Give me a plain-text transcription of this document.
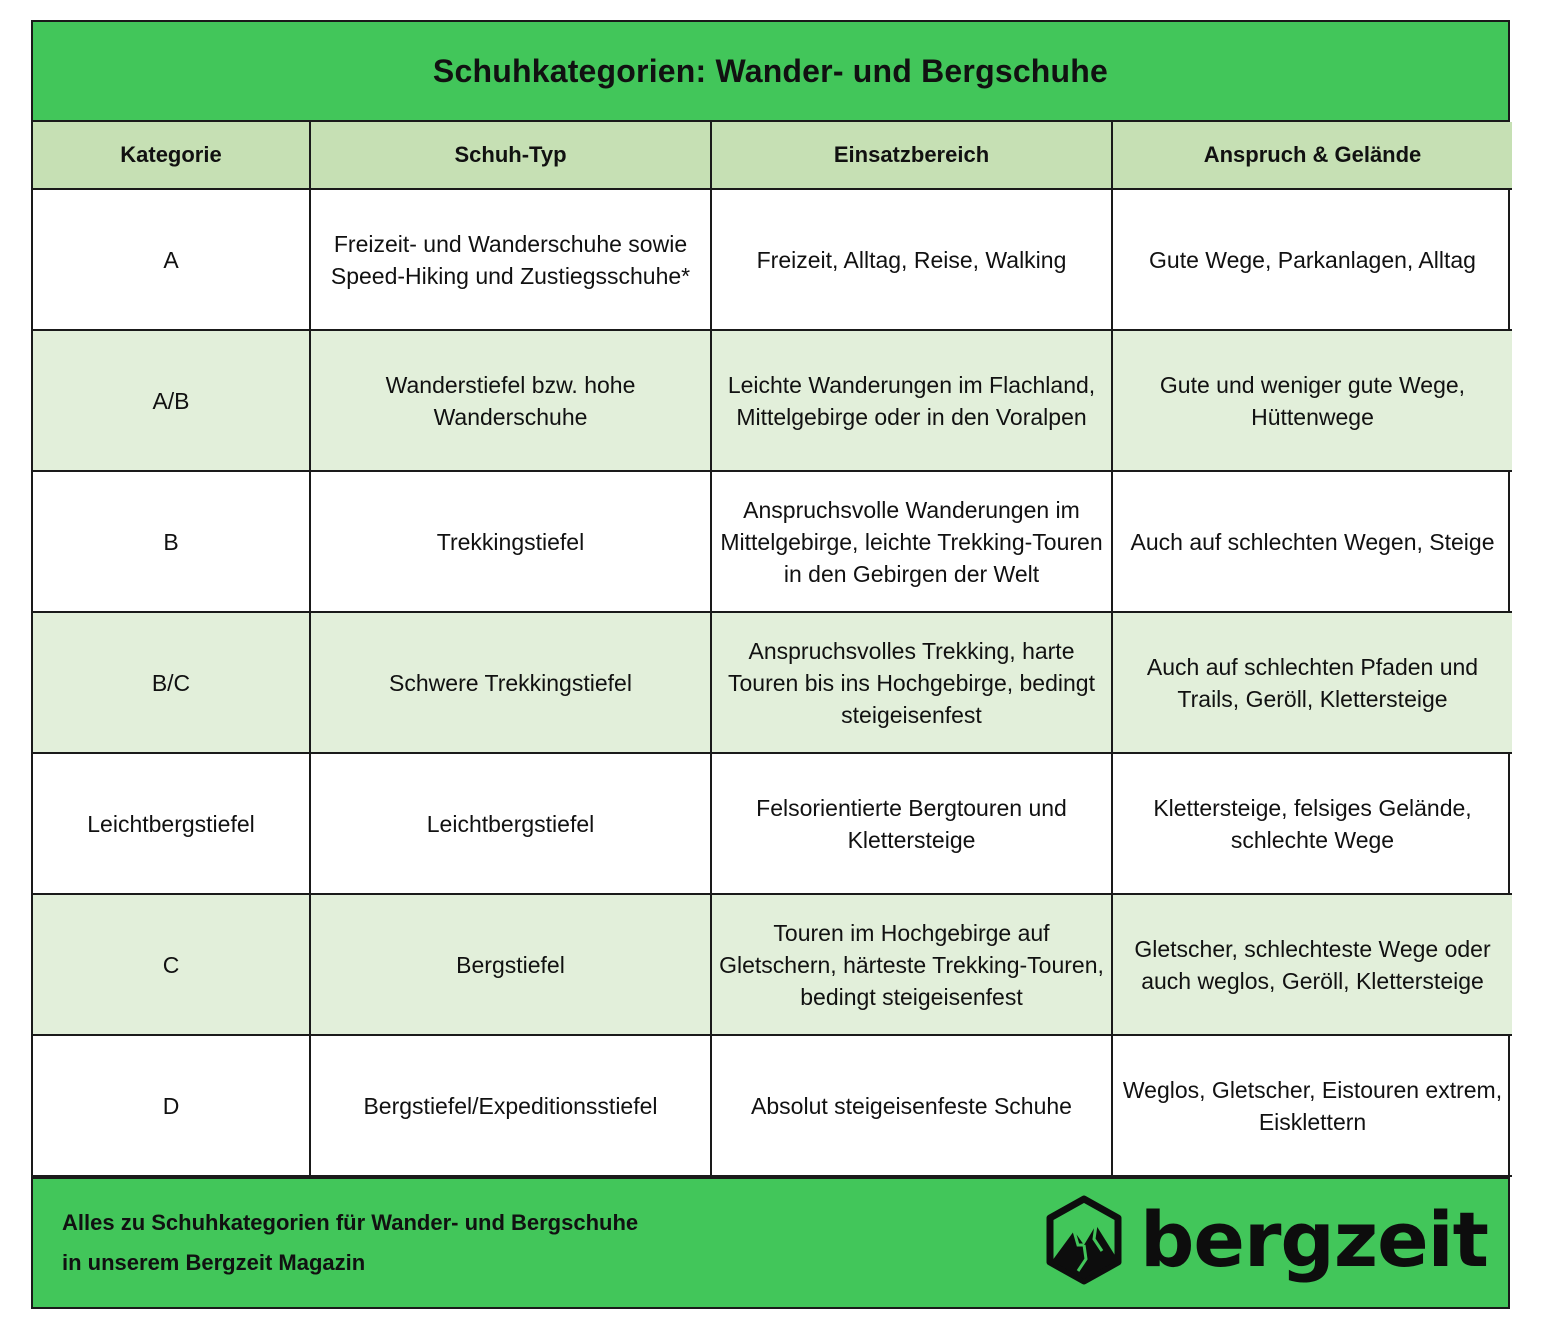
Schuhkategorien: Wander- und Bergschuhe
Kategorie	Schuh-Typ	Einsatzbereich	Anspruch & Gelände
A	Freizeit- und Wanderschuhe sowie Speed-Hiking und Zustiegsschuhe*	Freizeit, Alltag, Reise, Walking	Gute Wege, Parkanlagen, Alltag
A/B	Wanderstiefel bzw. hohe Wanderschuhe	Leichte Wanderungen im Flachland, Mittelgebirge oder in den Voralpen	Gute und weniger gute Wege, Hüttenwege
B	Trekkingstiefel	Anspruchsvolle Wanderungen im Mittelgebirge, leichte Trekking-Touren in den Gebirgen der Welt	Auch auf schlechten Wegen, Steige
B/C	Schwere Trekkingstiefel	Anspruchsvolles Trekking, harte Touren bis ins Hochgebirge, bedingt steigeisenfest	Auch auf schlechten Pfaden und Trails, Geröll, Klettersteige
Leichtbergstiefel	Leichtbergstiefel	Felsorientierte Bergtouren und Klettersteige	Klettersteige, felsiges Gelände, schlechte Wege
C	Bergstiefel	Touren im Hochgebirge auf Gletschern, härteste Trekking-Touren, bedingt steigeisenfest	Gletscher, schlechteste Wege oder auch weglos, Geröll, Klettersteige
D	Bergstiefel/Expeditionsstiefel	Absolut steigeisenfeste Schuhe	Weglos, Gletscher, Eistouren extrem, Eisklettern
Alles zu Schuhkategorien für Wander- und Bergschuhe
in unserem Bergzeit Magazin	bergzeit
